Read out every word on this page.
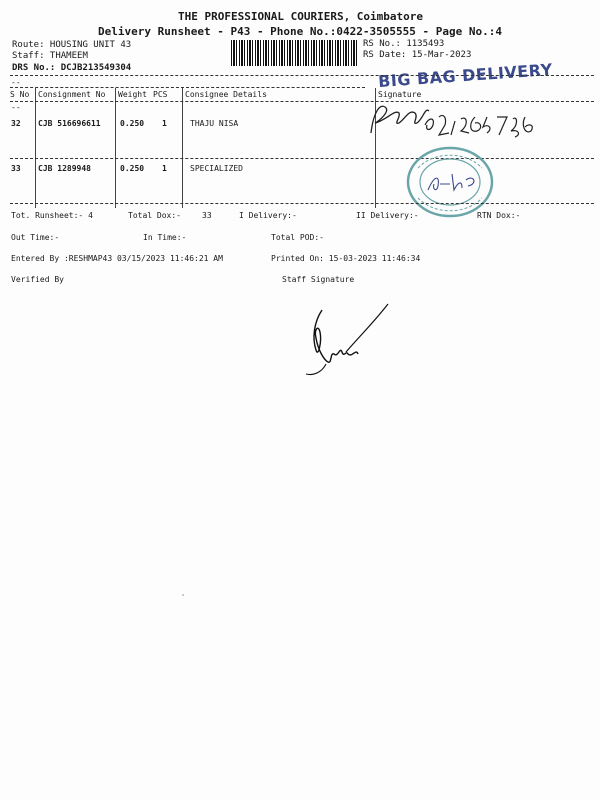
THE PROFESSIONAL COURIERS, Coimbatore
Delivery Runsheet - P43 - Phone No.:0422-3505555 - Page No.:4
Route: HOUSING UNIT 43
Staff: THAMEEM
DRS No.: DCJB213549304
RS No.: 1135493
RS Date: 15-Mar-2023
BIG BAG DELIVERY
--
S No Consignment No Weight PCS Consignee Details	Signature
--
32 CJB 516696611 0.250 1	THAJU NISA
33 CJB 1289948	0.250 1	SPECIALIZED
Tot. Runsheet:- 4	Total Dox:-	33	I Delivery:-	II Delivery:-	RTN Dox:-
Out Time:-	In Time:-	Total POD:-
Entered By :RESHMAP43 03/15/2023 11:46:21 AM	Printed On: 15-03-2023 11:46:34
Verified By	Staff Signature
